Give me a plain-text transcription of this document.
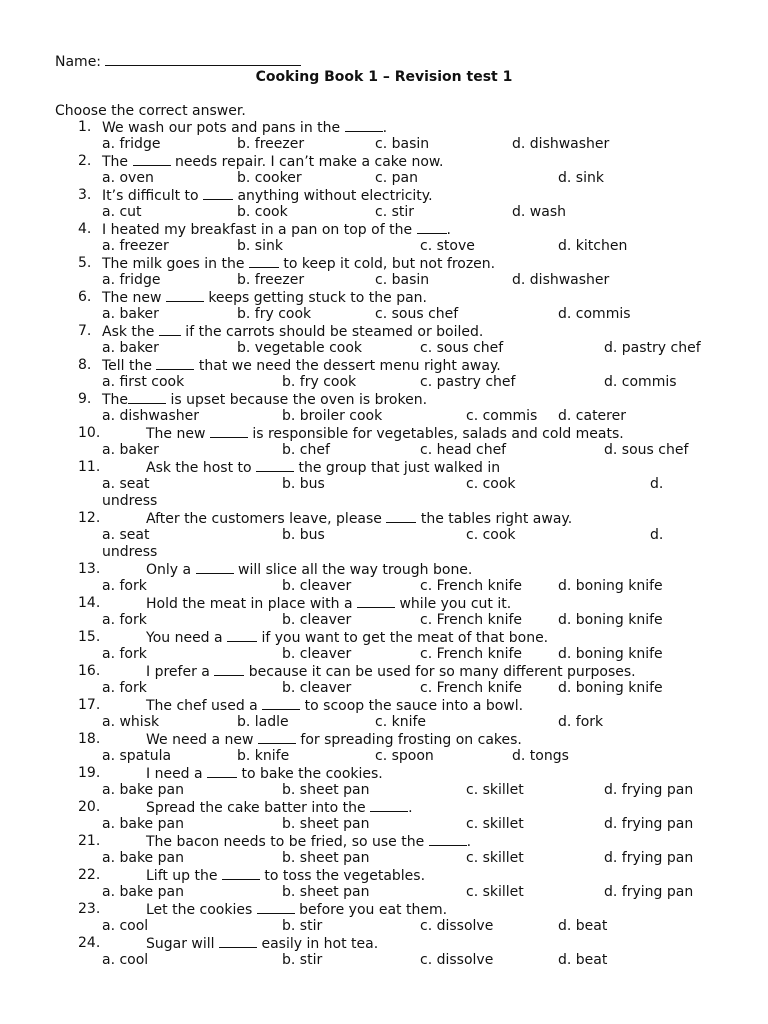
Name:
Cooking Book 1 – Revision test 1
Choose the correct answer.
1. We wash our pots and pans in the	.
a. fridge	b. freezer	c. basin	d. dishwasher
2. The	needs repair. I can’t make a cake now.
a. oven	b. cooker	c. pan	d. sink
3. It’s difficult to  anything without electricity.
a. cut	b. cook	c. stir	d. wash
4. I heated my breakfast in a pan on top of the .
a. freezer	b. sink	c. stove	d. kitchen
5. The milk goes in the  to keep it cold, but not frozen.
a. fridge	b. freezer	c. basin	d. dishwasher
6. The new	keeps getting stuck to the pan.
a. baker	b. fry cook	c. sous chef	d. commis
7. Ask the  if the carrots should be steamed or boiled.
a. baker	b. vegetable cook	c. sous chef	d. pastry chef
8. Tell the	that we need the dessert menu right away.
a. first cook	b. fry cook	c. pastry chef	d. commis
9. The	is upset because the oven is broken.
a. dishwasher	b. broiler cook	c. commis d. caterer
10.	The new	is responsible for vegetables, salads and cold meats.
a. baker	b. chef	c. head chef	d. sous chef
11.	Ask the host to	the group that just walked in
a. seat	b. bus	c. cook	d.
undress
12.	After the customers leave, please  the tables right away.
a. seat	b. bus	c. cook	d.
undress
13.	Only a	will slice all the way trough bone.
a. fork	b. cleaver	c. French knife	d. boning knife
14.	Hold the meat in place with a	while you cut it.
a. fork	b. cleaver	c. French knife	d. boning knife
15.	You need a  if you want to get the meat of that bone.
a. fork	b. cleaver	c. French knife	d. boning knife
16.	I prefer a  because it can be used for so many different purposes.
a. fork	b. cleaver	c. French knife	d. boning knife
17.	The chef used a	to scoop the sauce into a bowl.
a. whisk	b. ladle	c. knife	d. fork
18.	We need a new	for spreading frosting on cakes.
a. spatula	b. knife	c. spoon	d. tongs
19.	I need a  to bake the cookies.
a. bake pan	b. sheet pan	c. skillet	d. frying pan
20.	Spread the cake batter into the	.
a. bake pan	b. sheet pan	c. skillet	d. frying pan
21.	The bacon needs to be fried, so use the	.
a. bake pan	b. sheet pan	c. skillet	d. frying pan
22.	Lift up the	to toss the vegetables.
a. bake pan	b. sheet pan	c. skillet	d. frying pan
23.	Let the cookies	before you eat them.
a. cool	b. stir	c. dissolve	d. beat
24.	Sugar will	easily in hot tea.
a. cool	b. stir	c. dissolve	d. beat
